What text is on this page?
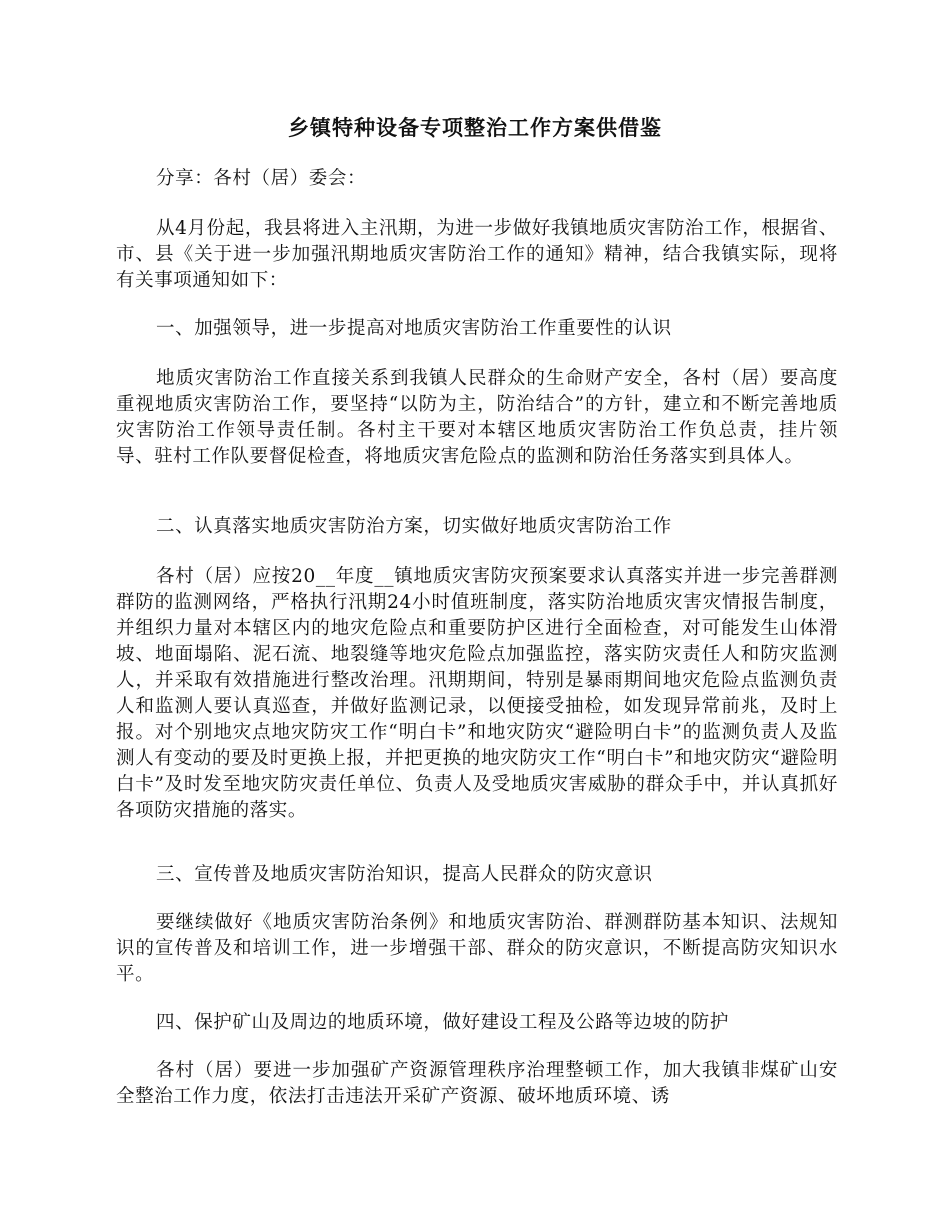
乡镇特种设备专项整治工作方案供借鉴
分享：各村（居）委会：
从4月份起，我县将进入主汛期，为进一步做好我镇地质灾害防治工作，根据省、市、县《关于进一步加强汛期地质灾害防治工作的通知》精神，结合我镇实际，现将有关事项通知如下：
一、加强领导，进一步提高对地质灾害防治工作重要性的认识
地质灾害防治工作直接关系到我镇人民群众的生命财产安全，各村（居）要高度重视地质灾害防治工作，要坚持“以防为主，防治结合”的方针，建立和不断完善地质灾害防治工作领导责任制。各村主干要对本辖区地质灾害防治工作负总责，挂片领导、驻村工作队要督促检查，将地质灾害危险点的监测和防治任务落实到具体人。
二、认真落实地质灾害防治方案，切实做好地质灾害防治工作
各村（居）应按20__年度__镇地质灾害防灾预案要求认真落实并进一步完善群测群防的监测网络，严格执行汛期24小时值班制度，落实防治地质灾害灾情报告制度，并组织力量对本辖区内的地灾危险点和重要防护区进行全面检查，对可能发生山体滑坡、地面塌陷、泥石流、地裂缝等地灾危险点加强监控，落实防灾责任人和防灾监测人，并采取有效措施进行整改治理。汛期期间，特别是暴雨期间地灾危险点监测负责人和监测人要认真巡查，并做好监测记录，以便接受抽检，如发现异常前兆，及时上报。对个别地灾点地灾防灾工作“明白卡”和地灾防灾“避险明白卡”的监测负责人及监测人有变动的要及时更换上报，并把更换的地灾防灾工作“明白卡”和地灾防灾“避险明白卡”及时发至地灾防灾责任单位、负责人及受地质灾害威胁的群众手中，并认真抓好各项防灾措施的落实。
三、宣传普及地质灾害防治知识，提高人民群众的防灾意识
要继续做好《地质灾害防治条例》和地质灾害防治、群测群防基本知识、法规知识的宣传普及和培训工作，进一步增强干部、群众的防灾意识，不断提高防灾知识水平。
四、保护矿山及周边的地质环境，做好建设工程及公路等边坡的防护
各村（居）要进一步加强矿产资源管理秩序治理整顿工作，加大我镇非煤矿山安全整治工作力度，依法打击违法开采矿产资源、破坏地质环境、诱
